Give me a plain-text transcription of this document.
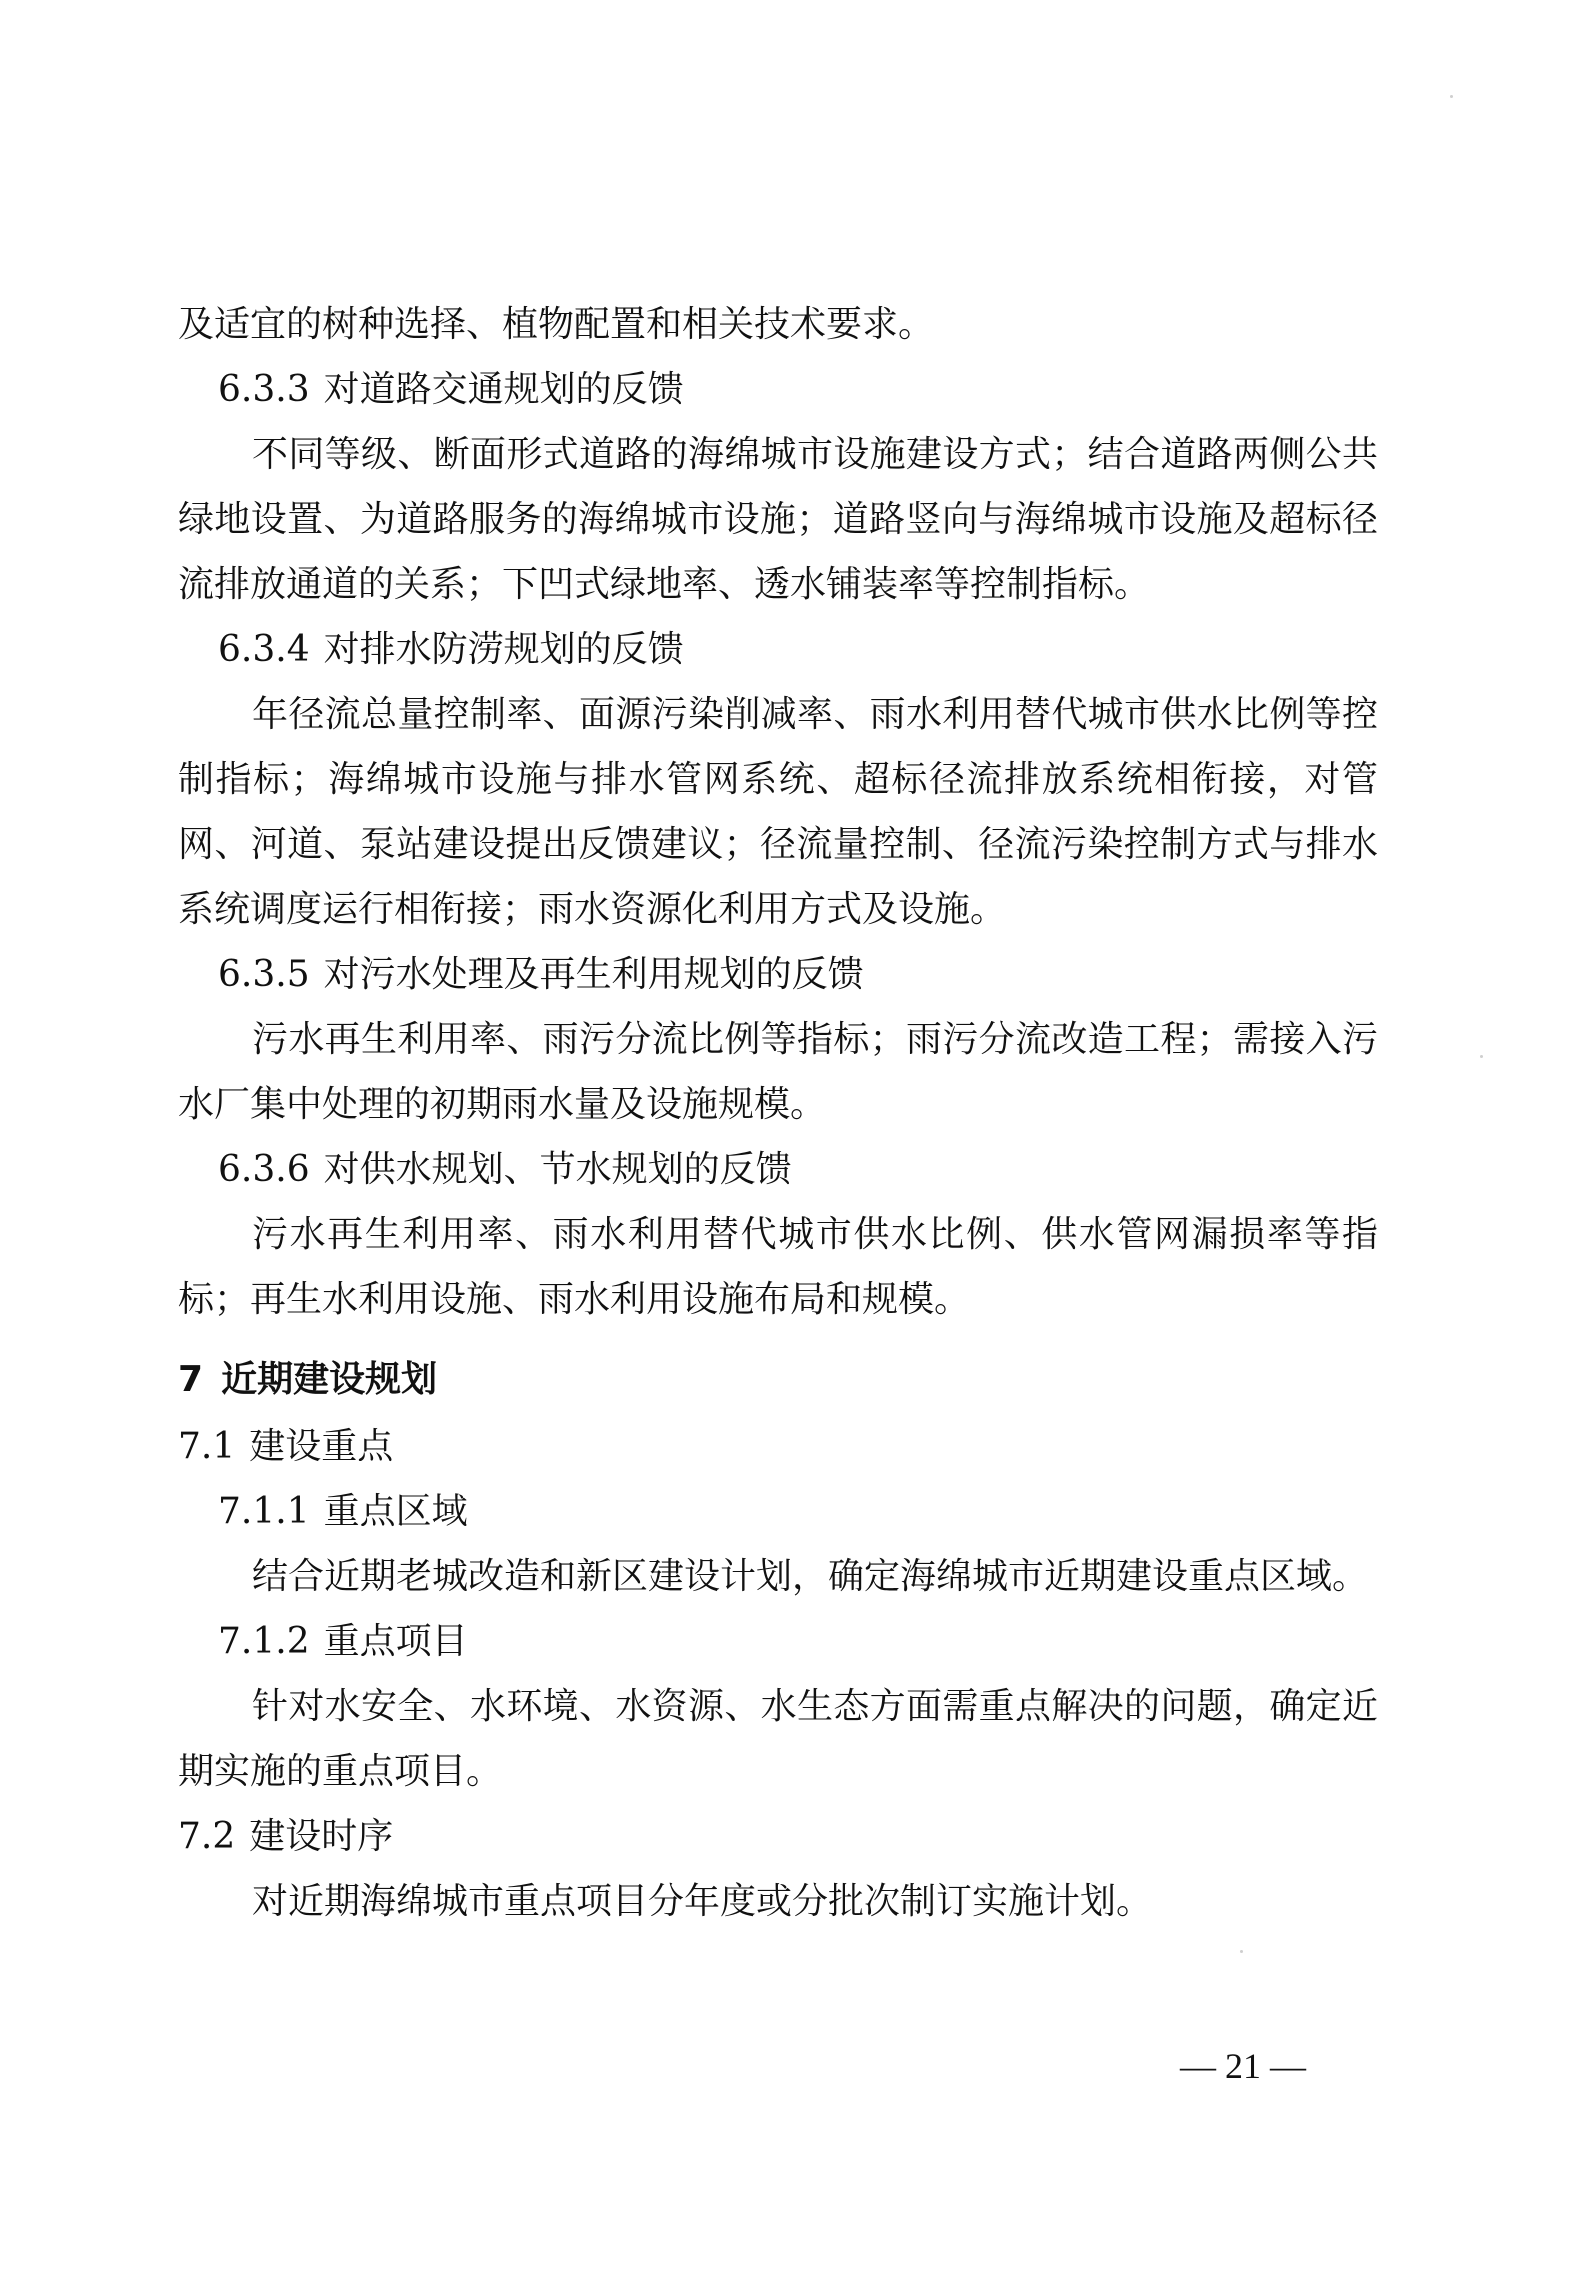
及适宜的树种选择、植物配置和相关技术要求。

6.3.3 对道路交通规划的反馈

不同等级、断面形式道路的海绵城市设施建设方式；结合道路两侧公共绿地设置、为道路服务的海绵城市设施；道路竖向与海绵城市设施及超标径流排放通道的关系；下凹式绿地率、透水铺装率等控制指标。

6.3.4 对排水防涝规划的反馈

年径流总量控制率、面源污染削减率、雨水利用替代城市供水比例等控制指标；海绵城市设施与排水管网系统、超标径流排放系统相衔接，对管网、河道、泵站建设提出反馈建议；径流量控制、径流污染控制方式与排水系统调度运行相衔接；雨水资源化利用方式及设施。

6.3.5 对污水处理及再生利用规划的反馈

污水再生利用率、雨污分流比例等指标；雨污分流改造工程；需接入污水厂集中处理的初期雨水量及设施规模。

6.3.6 对供水规划、节水规划的反馈

污水再生利用率、雨水利用替代城市供水比例、供水管网漏损率等指标；再生水利用设施、雨水利用设施布局和规模。

7 近期建设规划
7.1 建设重点
7.1.1 重点区域

结合近期老城改造和新区建设计划，确定海绵城市近期建设重点区域。

7.1.2 重点项目

针对水安全、水环境、水资源、水生态方面需重点解决的问题，确定近期实施的重点项目。

7.2 建设时序

对近期海绵城市重点项目分年度或分批次制订实施计划。

— 21 —
